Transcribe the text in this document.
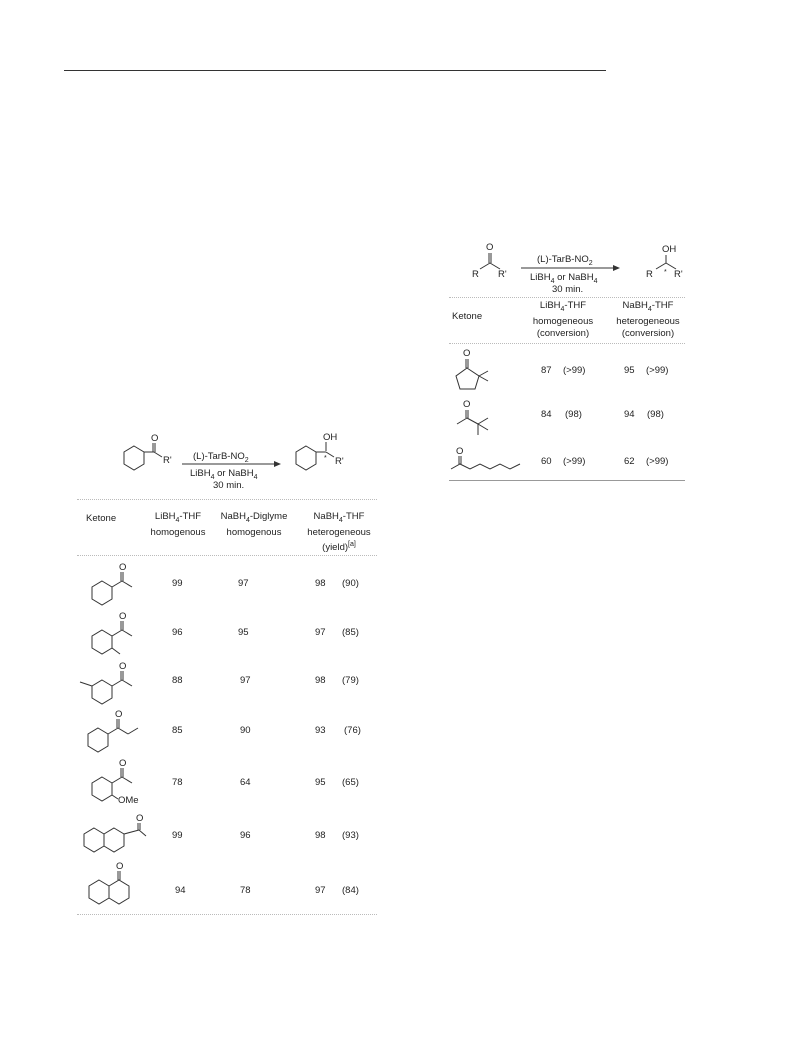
O
R R'
$(L)-TarB-NO_2$
LiBH$_4$ or NaBH$_4$
30 min.
OH
*
R R'
Ketone
LiBH$_4$-THF
homogeneous
(conversion)
NaBH$_4$-THF
heterogeneous
(conversion)
O
87 (>99)	95 (>99)
O
84 (98)	94 (98)
O
60 (>99)	62 (>99)
O
R' $(L)-TarB-NO_2$
LiBH$_4$ or NaBH$_4$
30 min.
OH
* R'
Ketone	LiBH$_4$-THF
homogenous
NaBH$_4$-Diglyme
homogenous
NaBH$_4$-THF
heterogeneous
(yield)[a]
O
99	97	98 (90)
O
96	95	97 (85)
O
88	97	98 (79)
O
85	90	93 (76)
O
OMe
78	64	95 (65)
O
99	96	98 (93)
O
94	78	97 (84)
